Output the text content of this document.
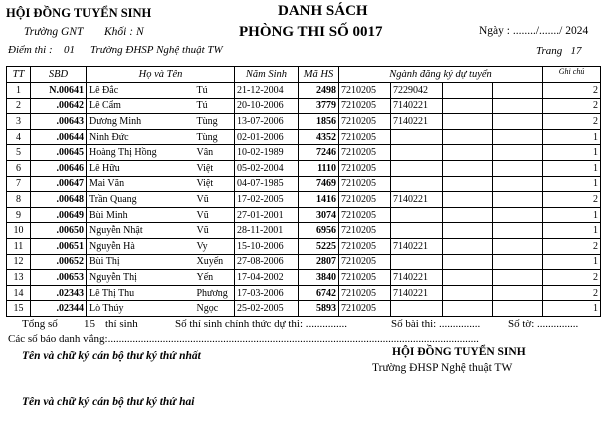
HỘI ĐỒNG TUYỂN SINH
Trường GNT Khối : N
Điểm thi : 01 Trường ĐHSP Nghệ thuật TW
DANH SÁCH
PHÒNG THI SỐ 0017	Ngày : ......../......./ 2024
Trang 17
TT	SBD	Họ và Tên		Năm Sinh	Mã HS	Ngành đăng ký dự tuyển				Ghi chú
1	N.00641	Lê Đắc	Tú	21-12-2004	2498	7210205	7229042			2
2	.00642	Lê Cẩm	Tú	20-10-2006	3779	7210205	7140221			2
3	.00643	Dương Minh	Tùng	13-07-2006	1856	7210205	7140221			2
4	.00644	Ninh Đức	Tùng	02-01-2006	4352	7210205				1
5	.00645	Hoàng Thị Hồng	Vân	10-02-1989	7246	7210205				1
6	.00646	Lê Hữu	Việt	05-02-2004	1110	7210205				1
7	.00647	Mai Văn	Việt	04-07-1985	7469	7210205				1
8	.00648	Trần Quang	Vũ	17-02-2005	1416	7210205	7140221			2
9	.00649	Bùi Minh	Vũ	27-01-2001	3074	7210205				1
10	.00650	Nguyễn Nhật	Vũ	28-11-2001	6956	7210205				1
11	.00651	Nguyễn Hà	Vy	15-10-2006	5225	7210205	7140221			2
12	.00652	Bùi Thị	Xuyến	27-08-2006	2807	7210205				1
13	.00653	Nguyễn Thị	Yến	17-04-2002	3840	7210205	7140221			2
14	.02343	Lê Thị Thu	Phương	17-03-2006	6742	7210205	7140221			2
15	.02344	Lò Thúy	Ngọc	25-02-2005	5893	7210205				1
Tổng số 15 thí sinh	Số thí sinh chính thức dự thi: ...............	Số bài thi: ...............	Số tờ: ...............
Các số báo danh vắng:.......................................................................................................................................
Tên và chữ ký cán bộ thư ký thứ nhất	HỘI ĐỒNG TUYỂN SINH
Trường ĐHSP Nghệ thuật TW
Tên và chữ ký cán bộ thư ký thứ hai
